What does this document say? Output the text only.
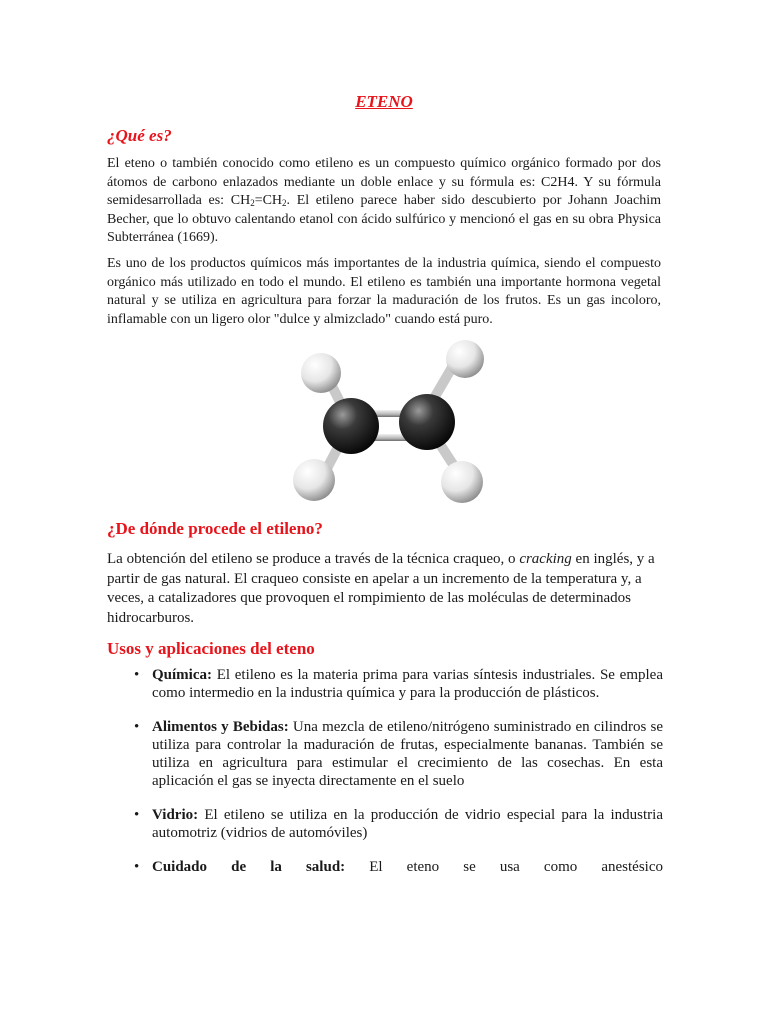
ETENO
¿Qué es?

El eteno o también conocido como etileno es un compuesto químico orgánico formado por dos átomos de carbono enlazados mediante un doble enlace y su fórmula es: C2H4. Y su fórmula semidesarrollada es: $CH_2=CH_2$. El etileno parece haber sido descubierto por Johann Joachim Becher, que lo obtuvo calentando etanol con ácido sulfúrico y mencionó el gas en su obra Physica Subterránea (1669).

Es uno de los productos químicos más importantes de la industria química, siendo el compuesto orgánico más utilizado en todo el mundo. El etileno es también una importante hormona vegetal natural y se utiliza en agricultura para forzar la maduración de los frutos. Es un gas incoloro, inflamable con un ligero olor "dulce y almizclado" cuando está puro.

¿De dónde procede el etileno?

La obtención del etileno se produce a través de la técnica craqueo, o cracking en inglés, y a partir de gas natural. El craqueo consiste en apelar a un incremento de la temperatura y, a veces, a catalizadores que provoquen el rompimiento de las moléculas de determinados hidrocarburos.

Usos y aplicaciones del eteno
• Química: El etileno es la materia prima para varias síntesis industriales. Se emplea como intermedio en la industria química y para la producción de plásticos.
• Alimentos y Bebidas: Una mezcla de etileno/nitrógeno suministrado en cilindros se utiliza para controlar la maduración de frutas, especialmente bananas. También se utiliza en agricultura para estimular el crecimiento de las cosechas. En esta aplicación el gas se inyecta directamente en el suelo
• Vidrio: El etileno se utiliza en la producción de vidrio especial para la industria automotriz (vidrios de automóviles)
• Cuidado de la salud: El eteno se usa como anestésico
